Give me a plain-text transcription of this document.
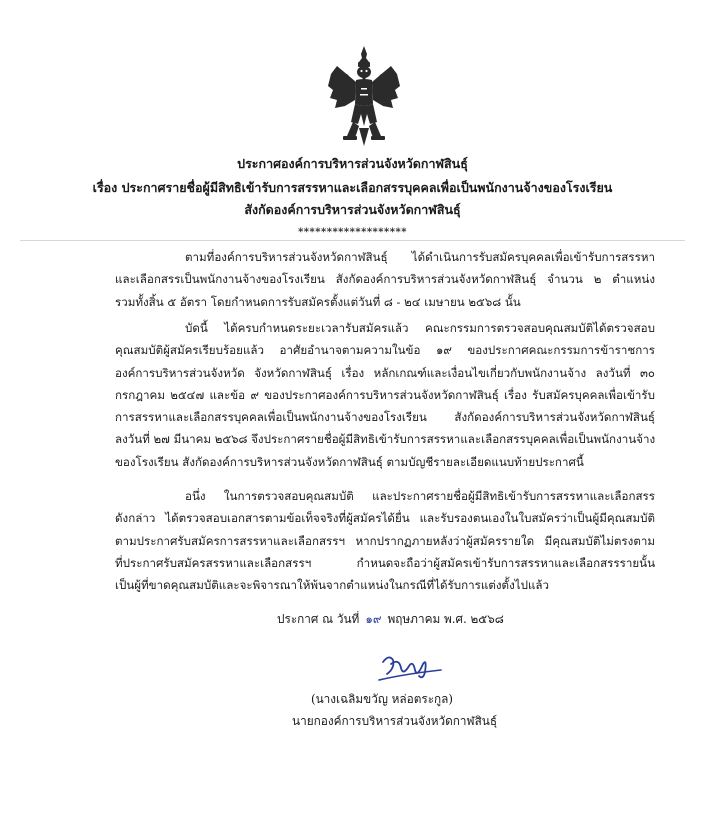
ประกาศองค์การบริหารส่วนจังหวัดกาฬสินธุ์
เรื่อง ประกาศรายชื่อผู้มีสิทธิเข้ารับการสรรหาและเลือกสรรบุคคลเพื่อเป็นพนักงานจ้างของโรงเรียน
สังกัดองค์การบริหารส่วนจังหวัดกาฬสินธุ์
*******************
ตามที่องค์การบริหารส่วนจังหวัดกาฬสินธุ์ ได้ดำเนินการรับสมัครบุคคลเพื่อเข้ารับการสรรหา
และเลือกสรรเป็นพนักงานจ้างของโรงเรียน สังกัดองค์การบริหารส่วนจังหวัดกาฬสินธุ์ จำนวน ๒ ตำแหน่ง
รวมทั้งสิ้น ๕ อัตรา โดยกำหนดการรับสมัครตั้งแต่วันที่ ๘ - ๒๔ เมษายน ๒๕๖๘ นั้น
บัดนี้ ได้ครบกำหนดระยะเวลารับสมัครแล้ว คณะกรรมการตรวจสอบคุณสมบัติได้ตรวจสอบ
คุณสมบัติผู้สมัครเรียบร้อยแล้ว อาศัยอำนาจตามความในข้อ ๑๙ ของประกาศคณะกรรมการข้าราชการ
องค์การบริหารส่วนจังหวัด จังหวัดกาฬสินธุ์ เรื่อง หลักเกณฑ์และเงื่อนไขเกี่ยวกับพนักงานจ้าง ลงวันที่ ๓๐
กรกฎาคม ๒๕๔๗ และข้อ ๙ ของประกาศองค์การบริหารส่วนจังหวัดกาฬสินธุ์ เรื่อง รับสมัครบุคคลเพื่อเข้ารับ
การสรรหาและเลือกสรรบุคคลเพื่อเป็นพนักงานจ้างของโรงเรียน สังกัดองค์การบริหารส่วนจังหวัดกาฬสินธุ์
ลงวันที่ ๒๗ มีนาคม ๒๕๖๘ จึงประกาศรายชื่อผู้มีสิทธิเข้ารับการสรรหาและเลือกสรรบุคคลเพื่อเป็นพนักงานจ้าง
ของโรงเรียน สังกัดองค์การบริหารส่วนจังหวัดกาฬสินธุ์ ตามบัญชีรายละเอียดแนบท้ายประกาศนี้
อนึ่ง ในการตรวจสอบคุณสมบัติ และประกาศรายชื่อผู้มีสิทธิเข้ารับการสรรหาและเลือกสรร
ดังกล่าว ได้ตรวจสอบเอกสารตามข้อเท็จจริงที่ผู้สมัครได้ยื่น และรับรองตนเองในใบสมัครว่าเป็นผู้มีคุณสมบัติ
ตามประกาศรับสมัครการสรรหาและเลือกสรรฯ หากปรากฏภายหลังว่าผู้สมัครรายใด มีคุณสมบัติไม่ตรงตาม
ที่ประกาศรับสมัครสรรหาและเลือกสรรฯ กำหนดจะถือว่าผู้สมัครเข้ารับการสรรหาและเลือกสรรรายนั้น
เป็นผู้ที่ขาดคุณสมบัติและจะพิจารณาให้พ้นจากตำแหน่งในกรณีที่ได้รับการแต่งตั้งไปแล้ว
ประกาศ ณ วันที่ ๑๙ พฤษภาคม พ.ศ. ๒๕๖๘
(นางเฉลิมขวัญ หล่อตระกูล)
นายกองค์การบริหารส่วนจังหวัดกาฬสินธุ์
